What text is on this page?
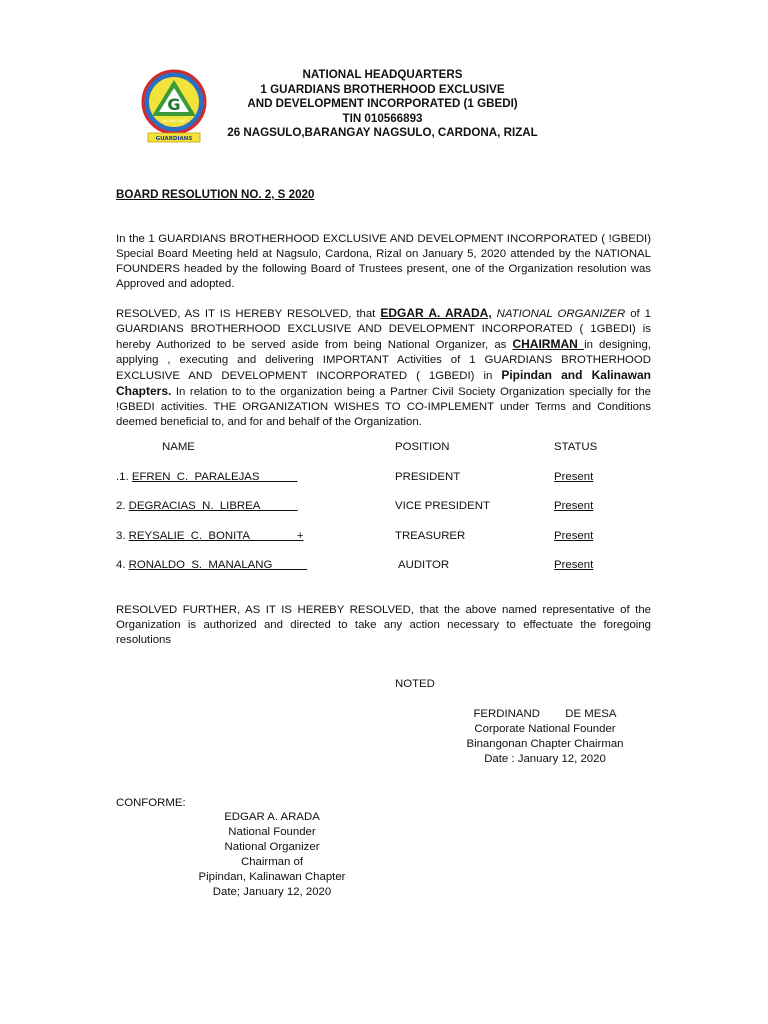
G
WE ARE ONE
GUARDIANS
NATIONAL HEADQUARTERS
1 GUARDIANS BROTHERHOOD EXCLUSIVE
AND DEVELOPMENT INCORPORATED (1 GBEDI)
TIN 010566893
26 NAGSULO,BARANGAY NAGSULO, CARDONA, RIZAL
BOARD RESOLUTION NO. 2, S 2020
In the 1 GUARDIANS BROTHERHOOD EXCLUSIVE AND DEVELOPMENT INCORPORATED ( !GBEDI) Special Board Meeting held at Nagsulo, Cardona, Rizal on January 5, 2020 attended by the NATIONAL FOUNDERS headed by the following Board of Trustees present, one of the Organization resolution was Approved and adopted.
RESOLVED, AS IT IS HEREBY RESOLVED, that EDGAR A. ARADA, NATIONAL ORGANIZER of 1 GUARDIANS BROTHERHOOD EXCLUSIVE AND DEVELOPMENT INCORPORATED ( 1GBEDI) is hereby Authorized to be served aside from being National Organizer, as CHAIRMAN in designing, applying , executing and delivering IMPORTANT Activities of 1 GUARDIANS BROTHERHOOD EXCLUSIVE AND DEVELOPMENT INCORPORATED ( 1GBEDI) in Pipindan and Kalinawan Chapters. In relation to to the organization being a Partner Civil Society Organization specially for the !GBEDI activities. THE ORGANIZATION WISHES TO CO-IMPLEMENT under Terms and Conditions deemed beneficial to, and for and behalf of the Organization.
NAME	POSITION	STATUS
.1. EFREN  C.  PARALEJAS	PRESIDENT	Present
2. DEGRACIAS  N.  LIBREA	VICE PRESIDENT	Present
3. REYSALIE  C.  BONITA               +	TREASURER	Present
4. RONALDO  S.  MANALANG	AUDITOR	Present
RESOLVED FURTHER, AS IT IS HEREBY RESOLVED, that the above named representative of the Organization is authorized and directed to take any action necessary to effectuate the foregoing resolutions
NOTED
FERDINAND        DE MESA
Corporate National Founder
Binangonan Chapter Chairman
Date : January 12, 2020
CONFORME:
EDGAR A. ARADA
National Founder
National Organizer
Chairman of
Pipindan, Kalinawan Chapter
Date; January 12, 2020
